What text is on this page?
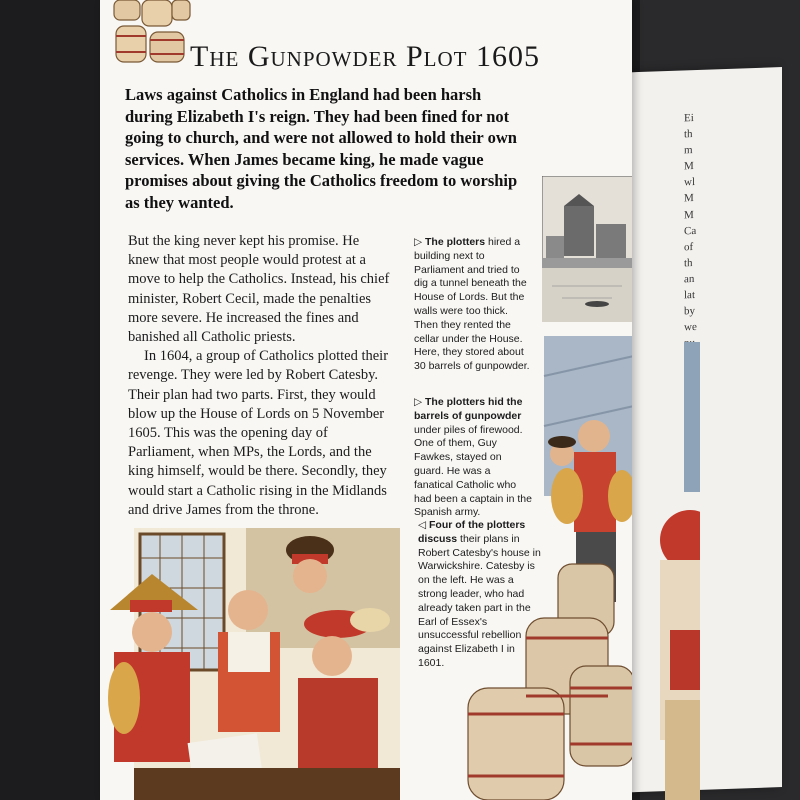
Ei
th
m
M
wl
M
M
Ca
of
th
an
lat
by
we
The Gunpowder Plot 1605
Laws against Catholics in England had been harsh during Elizabeth I's reign. They had been fined for not going to church, and were not allowed to hold their own services. When James became king, he made vague promises about giving the Catholics freedom to worship as they wanted.

But the king never kept his promise. He knew that most people would protest at a move to help the Catholics. Instead, his chief minister, Robert Cecil, made the penalties more severe. He increased the fines and banished all Catholic priests.

In 1604, a group of Catholics plotted their revenge. They were led by Robert Catesby. Their plan had two parts. First, they would blow up the House of Lords on 5 November 1605. This was the opening day of Parliament, when MPs, the Lords, and the king himself, would be there. Secondly, they would start a Catholic rising in the Midlands and drive James from the throne.

▷ The plotters hired a building next to Parliament and tried to dig a tunnel beneath the House of Lords. But the walls were too thick. Then they rented the cellar under the House. Here, they stored about 30 barrels of gunpowder.
▷ The plotters hid the barrels of gunpowder under piles of firewood. One of them, Guy Fawkes, stayed on guard. He was a fanatical Catholic who had been a captain in the Spanish army.
◁ Four of the plotters discuss their plans in Robert Catesby's house in Warwickshire. Catesby is on the left. He was a strong leader, who had already taken part in the Earl of Essex's unsuccessful rebellion against Elizabeth I in 1601.
